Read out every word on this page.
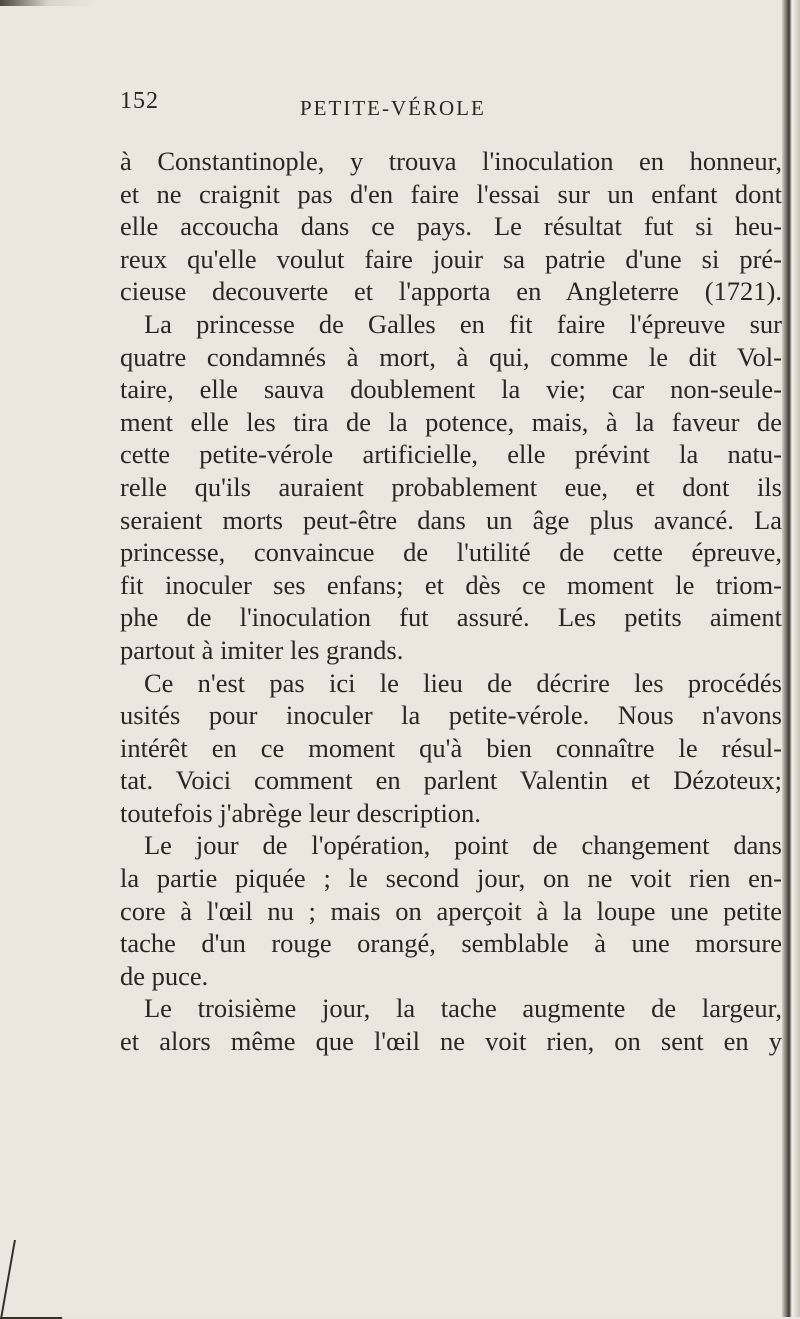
152	PETITE-VÉROLE
à Constantinople, y trouva l'inoculation en honneur,
et ne craignit pas d'en faire l'essai sur un enfant dont
elle accoucha dans ce pays. Le résultat fut si heu-
reux qu'elle voulut faire jouir sa patrie d'une si pré-
cieuse decouverte et l'apporta en Angleterre (1721).
La princesse de Galles en fit faire l'épreuve sur
quatre condamnés à mort, à qui, comme le dit Vol-
taire, elle sauva doublement la vie; car non-seule-
ment elle les tira de la potence, mais, à la faveur de
cette petite-vérole artificielle, elle prévint la natu-
relle qu'ils auraient probablement eue, et dont ils
seraient morts peut-être dans un âge plus avancé. La
princesse, convaincue de l'utilité de cette épreuve,
fit inoculer ses enfans; et dès ce moment le triom-
phe de l'inoculation fut assuré. Les petits aiment
partout à imiter les grands.
Ce n'est pas ici le lieu de décrire les procédés
usités pour inoculer la petite-vérole. Nous n'avons
intérêt en ce moment qu'à bien connaître le résul-
tat. Voici comment en parlent Valentin et Dézoteux;
toutefois j'abrège leur description.
Le jour de l'opération, point de changement dans
la partie piquée ; le second jour, on ne voit rien en-
core à l'œil nu ; mais on aperçoit à la loupe une petite
tache d'un rouge orangé, semblable à une morsure
de puce.
Le troisième jour, la tache augmente de largeur,
et alors même que l'œil ne voit rien, on sent en y
